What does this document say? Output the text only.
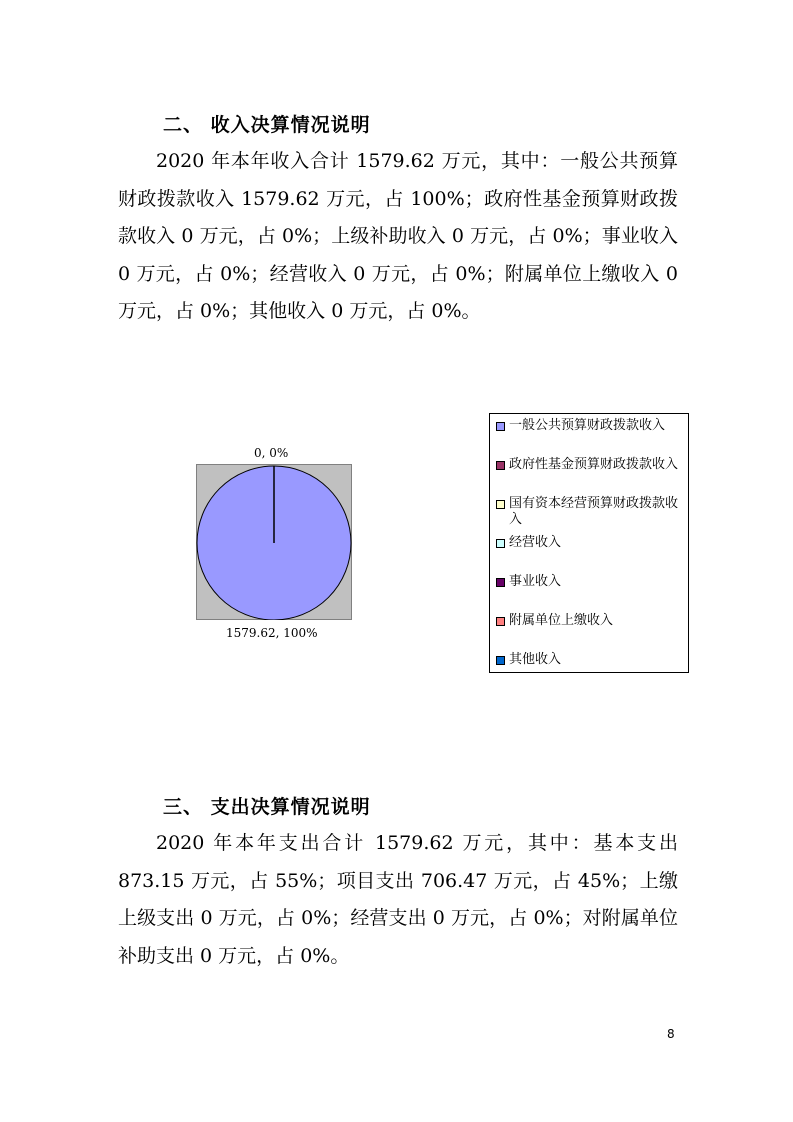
二、 收入决算情况说明

2020 年本年收入合计 1579.62 万元，其中：一般公共预算财政拨款收入 1579.62 万元，占 100%；政府性基金预算财政拨款收入 0 万元，占 0%；上级补助收入 0 万元，占 0%；事业收入 0 万元，占 0%；经营收入 0 万元，占 0%；附属单位上缴收入 0 万元，占 0%；其他收入 0 万元，占 0%。

0, 0%
1579.62, 100%
一般公共预算财政拨款收入
政府性基金预算财政拨款收入
国有资本经营预算财政拨款收入
经营收入
事业收入
附属单位上缴收入
其他收入
三、 支出决算情况说明

2020 年本年支出合计 1579.62 万元，其中：基本支出 873.15 万元，占 55%；项目支出 706.47 万元，占 45%；上缴上级支出 0 万元，占 0%；经营支出 0 万元，占 0%；对附属单位补助支出 0 万元，占 0%。

8
